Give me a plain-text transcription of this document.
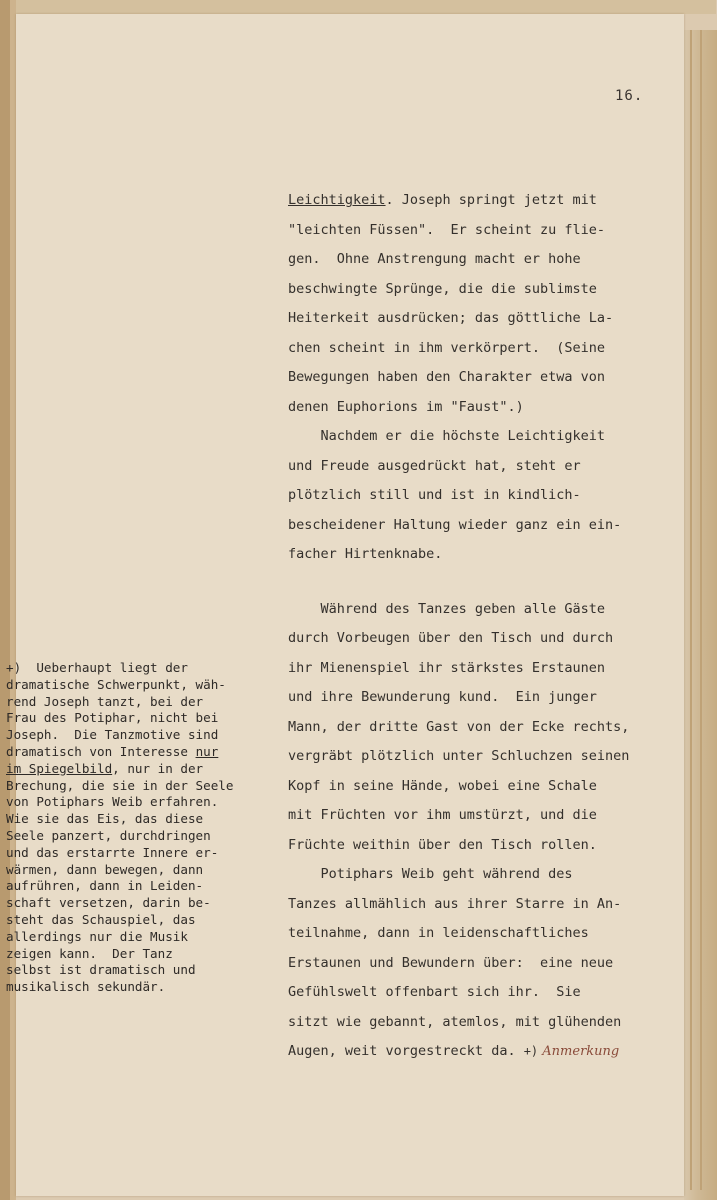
16.
Leichtigkeit. Joseph springt jetzt mit
"leichten Füssen".  Er scheint zu flie-
gen.  Ohne Anstrengung macht er hohe
beschwingte Sprünge, die die sublimste
Heiterkeit ausdrücken; das göttliche La-
chen scheint in ihm verkörpert.  (Seine
Bewegungen haben den Charakter etwa von
denen Euphorions im "Faust".)
Nachdem er die höchste Leichtigkeit
und Freude ausgedrückt hat, steht er
plötzlich still und ist in kindlich-
bescheidener Haltung wieder ganz ein ein-
facher Hirtenknabe.
Während des Tanzes geben alle Gäste
durch Vorbeugen über den Tisch und durch
ihr Mienenspiel ihr stärkstes Erstaunen
und ihre Bewunderung kund.  Ein junger
Mann, der dritte Gast von der Ecke rechts,
vergräbt plötzlich unter Schluchzen seinen
Kopf in seine Hände, wobei eine Schale
mit Früchten vor ihm umstürzt, und die
Früchte weithin über den Tisch rollen.
Potiphars Weib geht während des
Tanzes allmählich aus ihrer Starre in An-
teilnahme, dann in leidenschaftliches
Erstaunen und Bewundern über:  eine neue
Gefühlswelt offenbart sich ihr.  Sie
sitzt wie gebannt, atemlos, mit glühenden
Augen, weit vorgestreckt da. +) Anmerkung
+)  Ueberhaupt liegt der
dramatische Schwerpunkt, wäh-
rend Joseph tanzt, bei der
Frau des Potiphar, nicht bei
Joseph.  Die Tanzmotive sind
dramatisch von Interesse nur
im Spiegelbild, nur in der
Brechung, die sie in der Seele
von Potiphars Weib erfahren.
Wie sie das Eis, das diese
Seele panzert, durchdringen
und das erstarrte Innere er-
wärmen, dann bewegen, dann
aufrühren, dann in Leiden-
schaft versetzen, darin be-
steht das Schauspiel, das
allerdings nur die Musik
zeigen kann.  Der Tanz
selbst ist dramatisch und
musikalisch sekundär.
